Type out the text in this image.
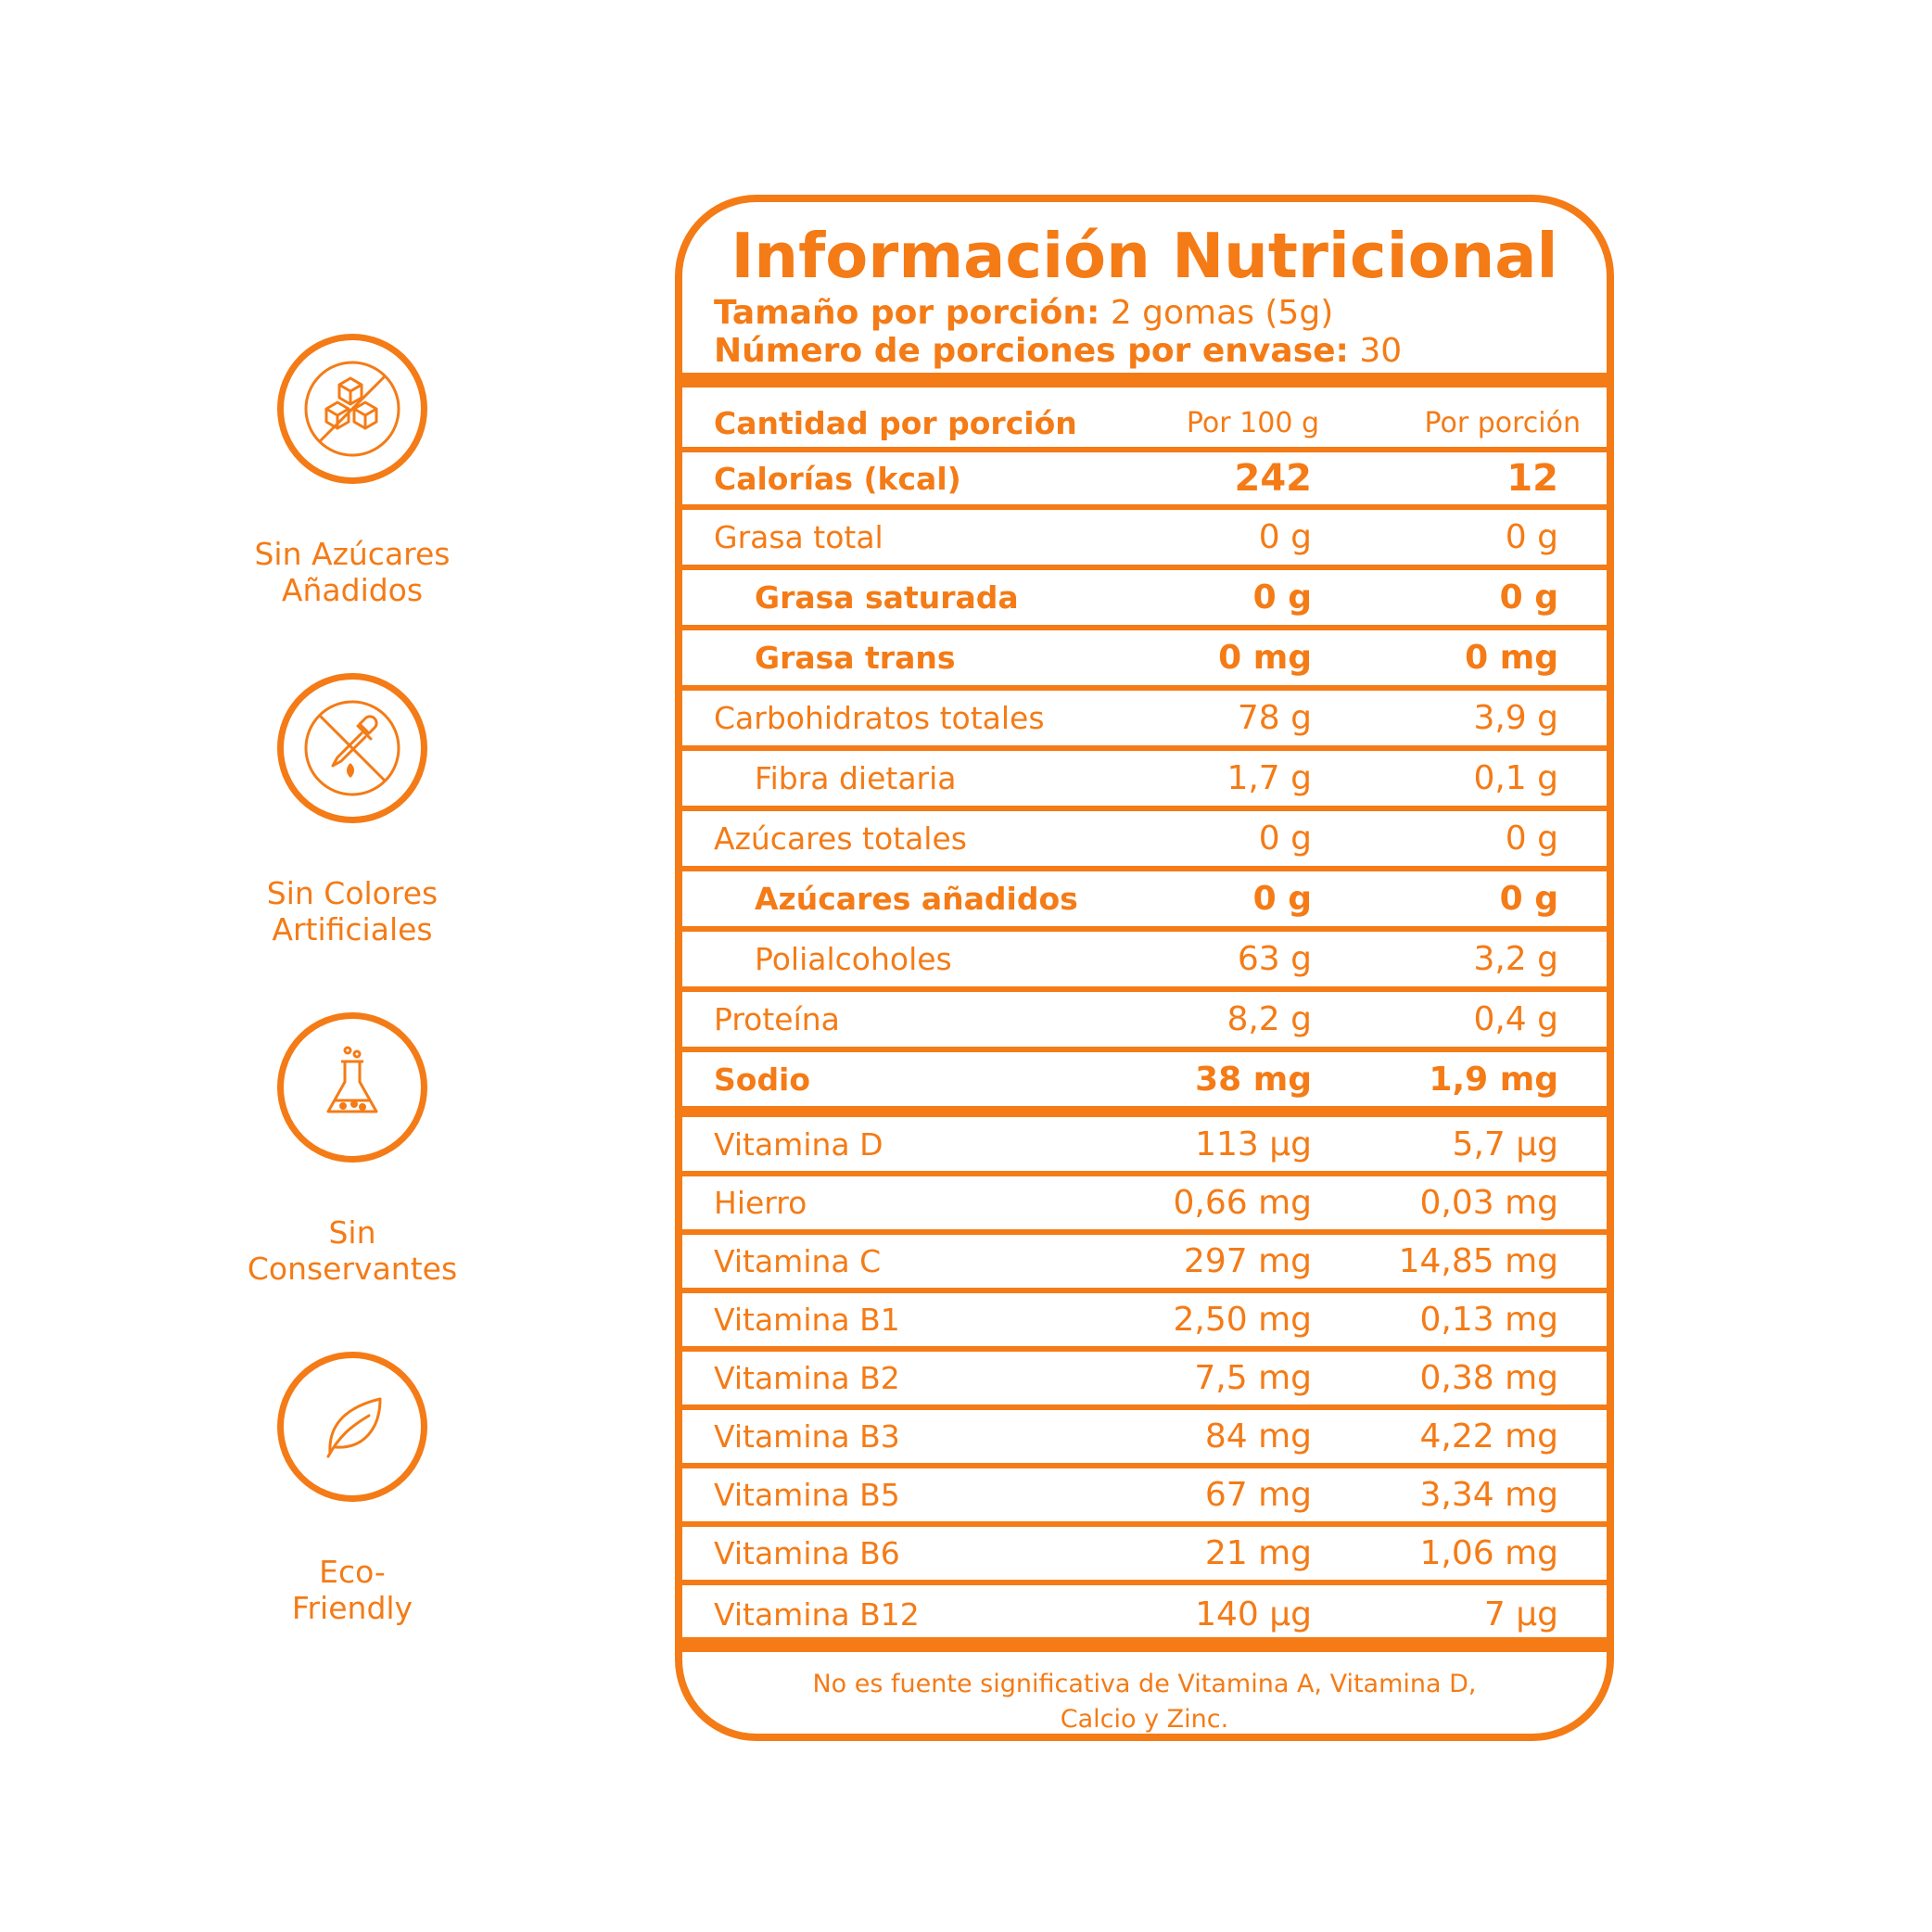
Sin Azúcares
Añadidos
Sin Colores
Artificiales
Sin
Conservantes
Eco-
Friendly
Información Nutricional
Tamaño por porción: 2 gomas (5g)
Número de porciones por envase: 30
Cantidad por porción	Por 100 g	Por porción
Calorías (kcal)	242	12
Grasa total	0 g	0 g
Grasa saturada	0 g	0 g
Grasa trans	0 mg	0 mg
Carbohidratos totales	78 g	3,9 g
Fibra dietaria	1,7 g	0,1 g
Azúcares totales	0 g	0 g
Azúcares añadidos	0 g	0 g
Polialcoholes	63 g	3,2 g
Proteína	8,2 g	0,4 g
Sodio	38 mg	1,9 mg
Vitamina D	113 µg	5,7 µg
Hierro	0,66 mg	0,03 mg
Vitamina C	297 mg	14,85 mg
Vitamina B1	2,50 mg	0,13 mg
Vitamina B2	7,5 mg	0,38 mg
Vitamina B3	84 mg	4,22 mg
Vitamina B5	67 mg	3,34 mg
Vitamina B6	21 mg	1,06 mg
Vitamina B12	140 µg	7 µg
No es fuente significativa de Vitamina A, Vitamina D,
Calcio y Zinc.
